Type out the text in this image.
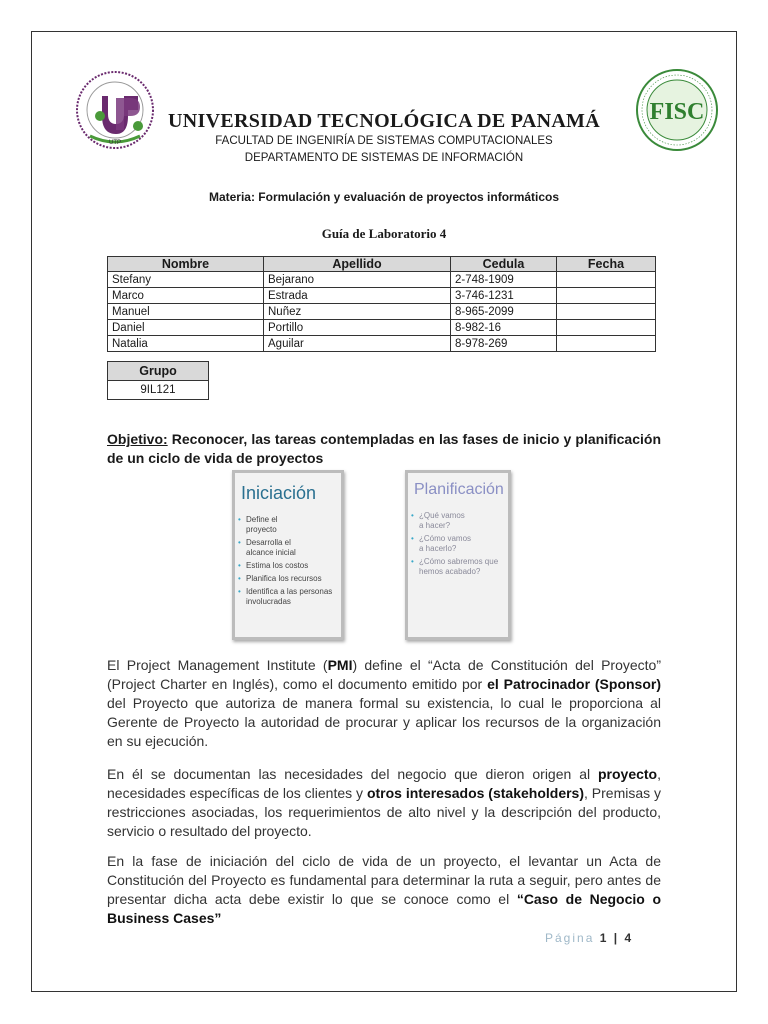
UTP
FISC
UNIVERSIDAD TECNOLÓGICA DE PANAMÁ
FACULTAD DE INGENIRÍA DE SISTEMAS COMPUTACIONALES
DEPARTAMENTO DE SISTEMAS DE INFORMACIÓN
Materia: Formulación y evaluación de proyectos informáticos
Guía de Laboratorio 4
Nombre	Apellido	Cedula	Fecha
Stefany	Bejarano	2-748-1909	
Marco	Estrada	3-746-1231	
Manuel	Nuñez	8-965-2099	
Daniel	Portillo	8-982-16	
Natalia	Aguilar	8-978-269	
Grupo
9IL121
Objetivo: Reconocer, las tareas contempladas en las fases de inicio y planificación de un ciclo de vida de proyectos
Iniciación
• Define el proyecto
• Desarrolla el alcance inicial
• Estima los costos
• Planifica los recursos
• Identifica a las personas involucradas
Planificación
• ¿Qué vamos a hacer?
• ¿Cómo vamos a hacerlo?
• ¿Cómo sabremos que hemos acabado?
El Project Management Institute (PMI) define el “Acta de Constitución del Proyecto” (Project Charter en Inglés), como el documento emitido por el Patrocinador (Sponsor) del Proyecto que autoriza de manera formal su existencia, lo cual le proporciona al Gerente de Proyecto la autoridad de procurar y aplicar los recursos de la organización en su ejecución.
En él se documentan las necesidades del negocio que dieron origen al proyecto, necesidades específicas de los clientes y otros interesados (stakeholders), Premisas y restricciones asociadas, los requerimientos de alto nivel y la descripción del producto, servicio o resultado del proyecto.
En la fase de iniciación del ciclo de vida de un proyecto, el levantar un Acta de Constitución del Proyecto es fundamental para determinar la ruta a seguir, pero antes de presentar dicha acta debe existir lo que se conoce como el “Caso de Negocio o Business Cases”
Página 1 | 4
